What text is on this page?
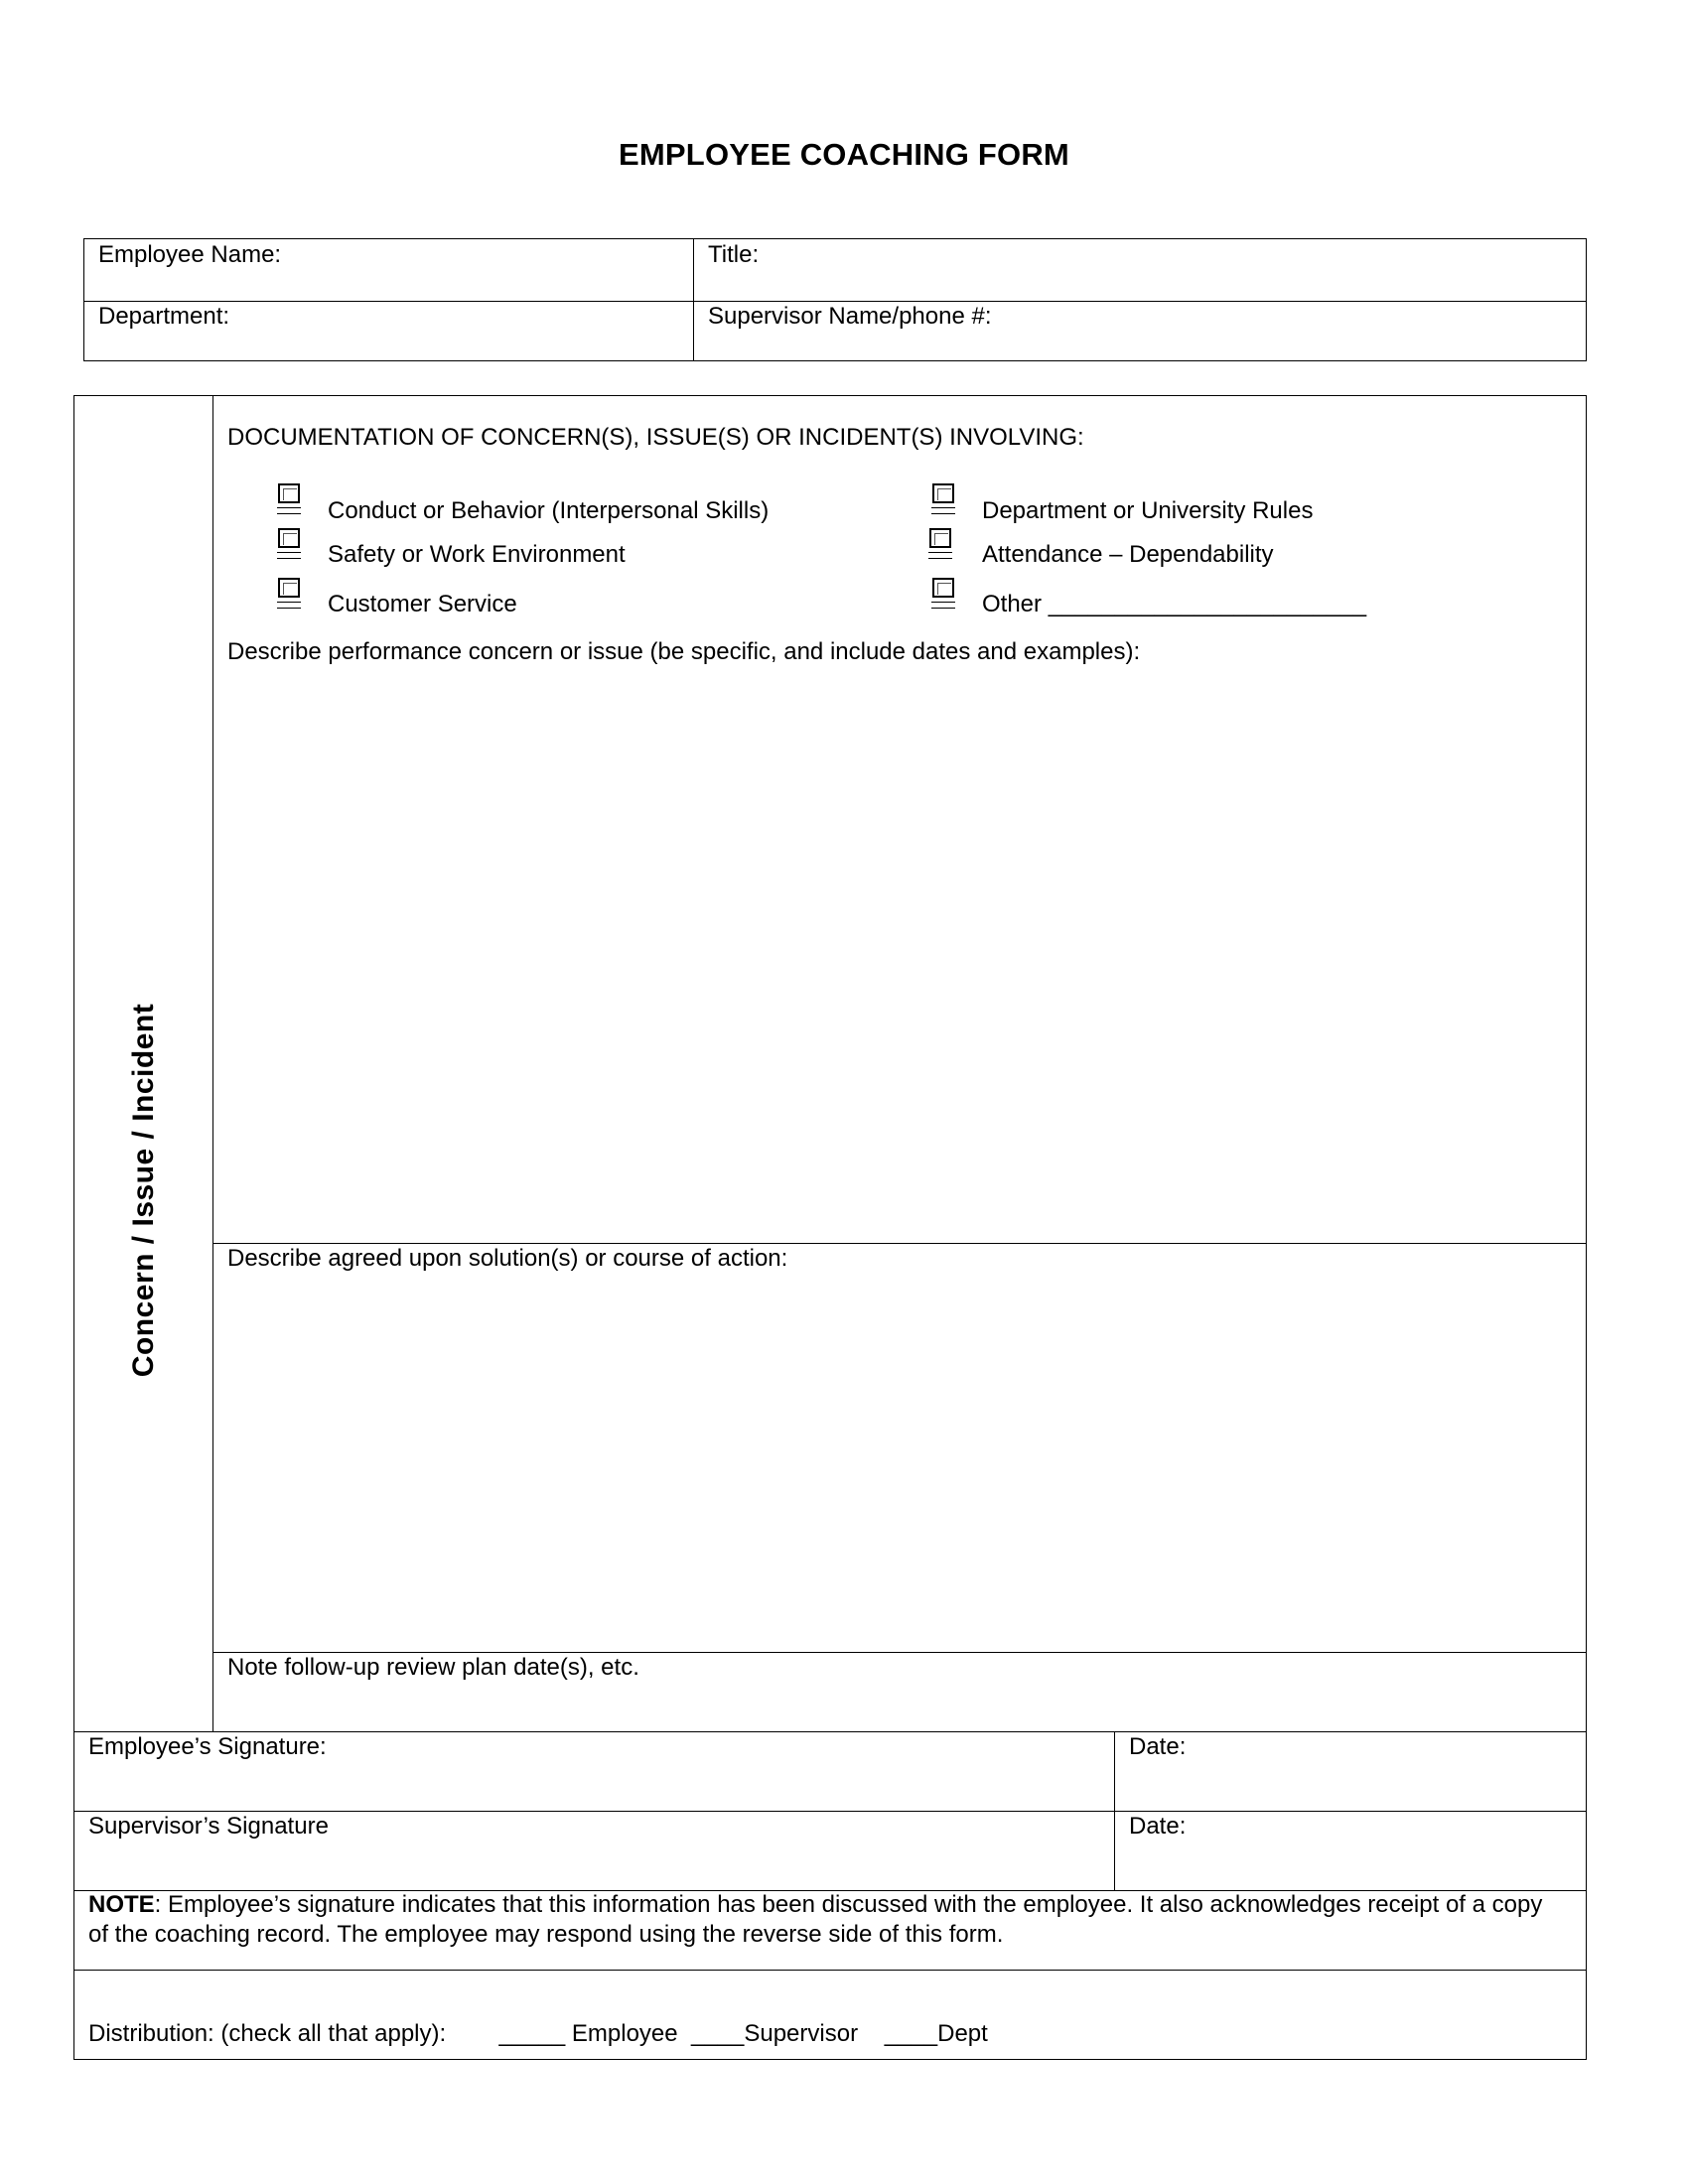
EMPLOYEE COACHING FORM
Employee Name:	Title:
Department:	Supervisor Name/phone #:
Concern / Issue / Incident
DOCUMENTATION OF CONCERN(S), ISSUE(S) OR INCIDENT(S) INVOLVING:
Conduct or Behavior (Interpersonal Skills)
Safety or Work Environment
Customer Service
Department or University Rules
Attendance – Dependability
Other ________________________
Describe performance concern or issue (be specific, and include dates and examples):
Describe agreed upon solution(s) or course of action:
Note follow-up review plan date(s), etc.
Employee’s Signature:	Date:
Supervisor’s Signature	Date:
NOTE: Employee’s signature indicates that this information has been discussed with the employee. It also acknowledges receipt of a copy of the coaching record. The employee may respond using the reverse side of this form.
Distribution: (check all that apply):        _____ Employee  ____Supervisor    ____Dept
